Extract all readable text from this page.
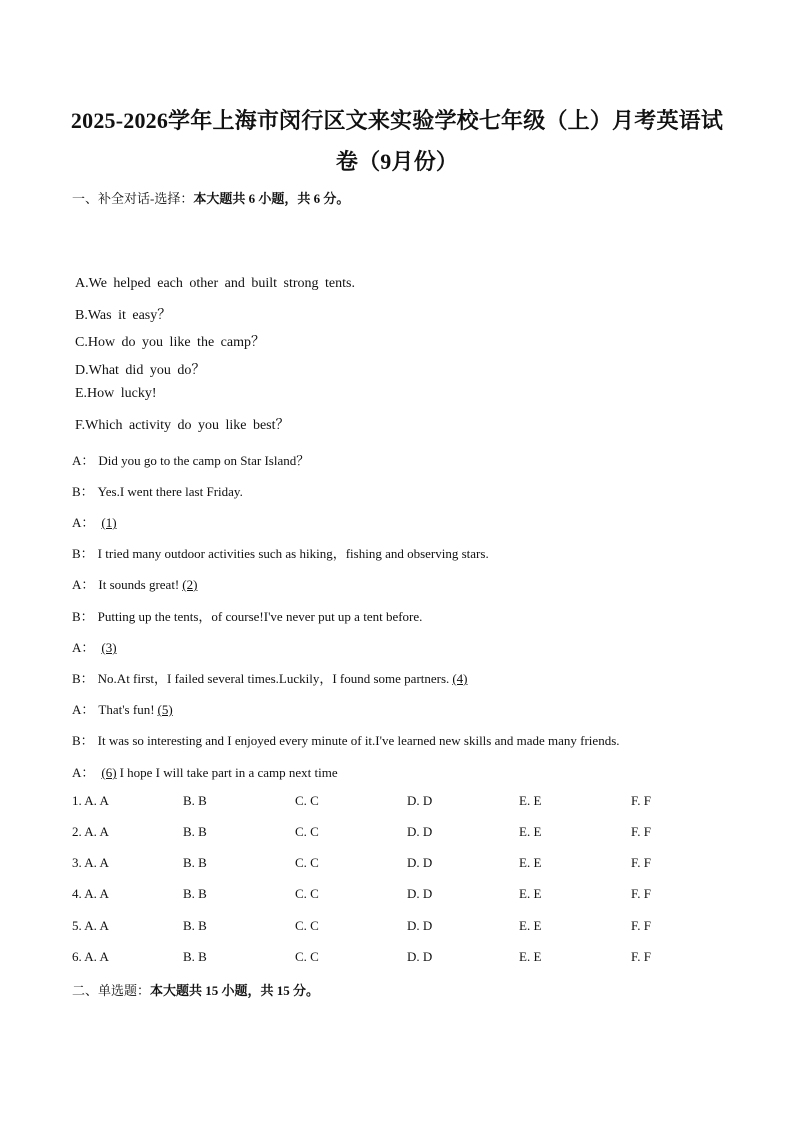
2025-2026学年上海市闵行区文来实验学校七年级（上）月考英语试
卷（9月份）
一、补全对话-选择：本大题共 6 小题，共 6 分。
A.We helped each other and built strong tents.
B.Was it easy？
C.How do you like the camp？
D.What did you do？
E.How lucky!
F.Which activity do you like best？
A： Did you go to the camp on Star Island？
B： Yes.I went there last Friday.
A： (1)
B： I tried many outdoor activities such as hiking，fishing and observing stars.
A： It sounds great! (2)
B： Putting up the tents，of course!I've never put up a tent before.
A： (3)
B： No.At first，I failed several times.Luckily，I found some partners. (4)
A： That's fun! (5)
B： It was so interesting and I enjoyed every minute of it.I've learned new skills and made many friends.
A： (6) I hope I will take part in a camp next time
1. A. A	B. B	C. C	D. D	E. E	F. F
2. A. A	B. B	C. C	D. D	E. E	F. F
3. A. A	B. B	C. C	D. D	E. E	F. F
4. A. A	B. B	C. C	D. D	E. E	F. F
5. A. A	B. B	C. C	D. D	E. E	F. F
6. A. A	B. B	C. C	D. D	E. E	F. F
二、单选题：本大题共 15 小题，共 15 分。
